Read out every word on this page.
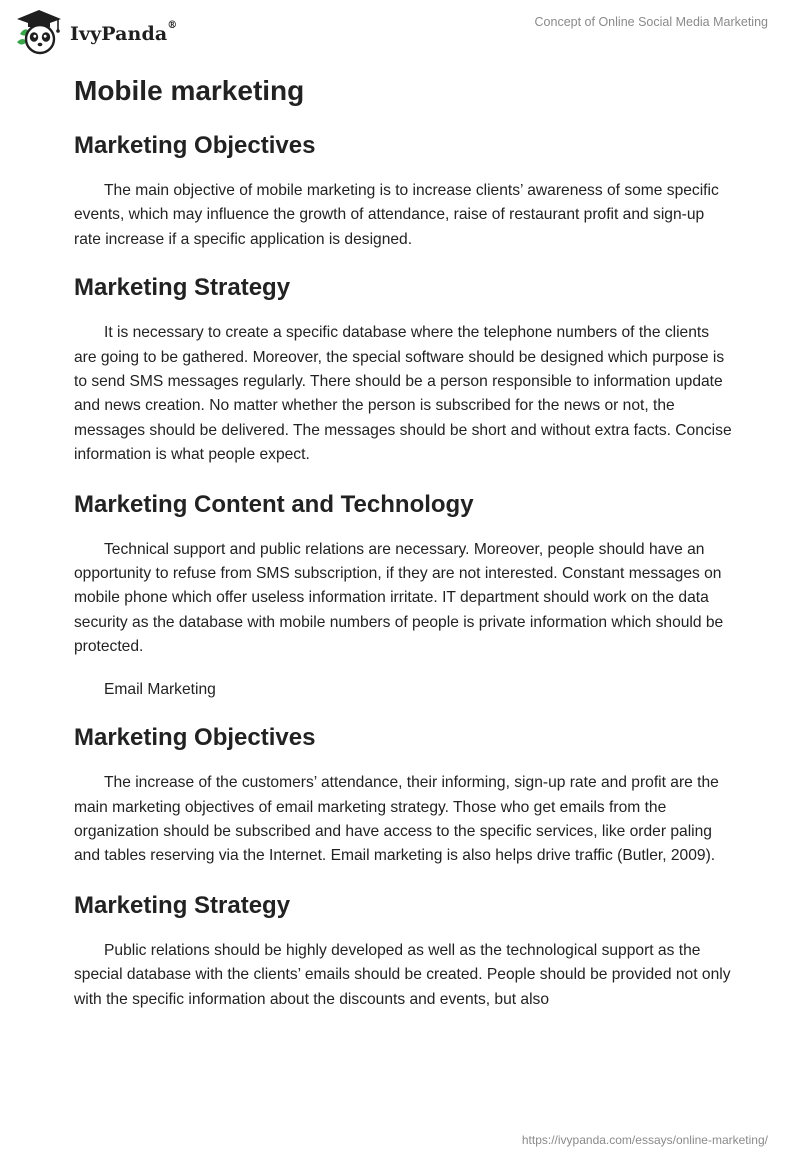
IvyPanda®	Concept of Online Social Media Marketing
Mobile marketing
Marketing Objectives

The main objective of mobile marketing is to increase clients’ awareness of some specific events, which may influence the growth of attendance, raise of restaurant profit and sign-up rate increase if a specific application is designed.

Marketing Strategy

It is necessary to create a specific database where the telephone numbers of the clients are going to be gathered. Moreover, the special software should be designed which purpose is to send SMS messages regularly. There should be a person responsible to information update and news creation. No matter whether the person is subscribed for the news or not, the messages should be delivered. The messages should be short and without extra facts. Concise information is what people expect.

Marketing Content and Technology

Technical support and public relations are necessary. Moreover, people should have an opportunity to refuse from SMS subscription, if they are not interested. Constant messages on mobile phone which offer useless information irritate. IT department should work on the data security as the database with mobile numbers of people is private information which should be protected.

Email Marketing

Marketing Objectives

The increase of the customers’ attendance, their informing, sign-up rate and profit are the main marketing objectives of email marketing strategy. Those who get emails from the organization should be subscribed and have access to the specific services, like order paling and tables reserving via the Internet. Email marketing is also helps drive traffic (Butler, 2009).

Marketing Strategy

Public relations should be highly developed as well as the technological support as the special database with the clients’ emails should be created. People should be provided not only with the specific information about the discounts and events, but also

https://ivypanda.com/essays/online-marketing/
